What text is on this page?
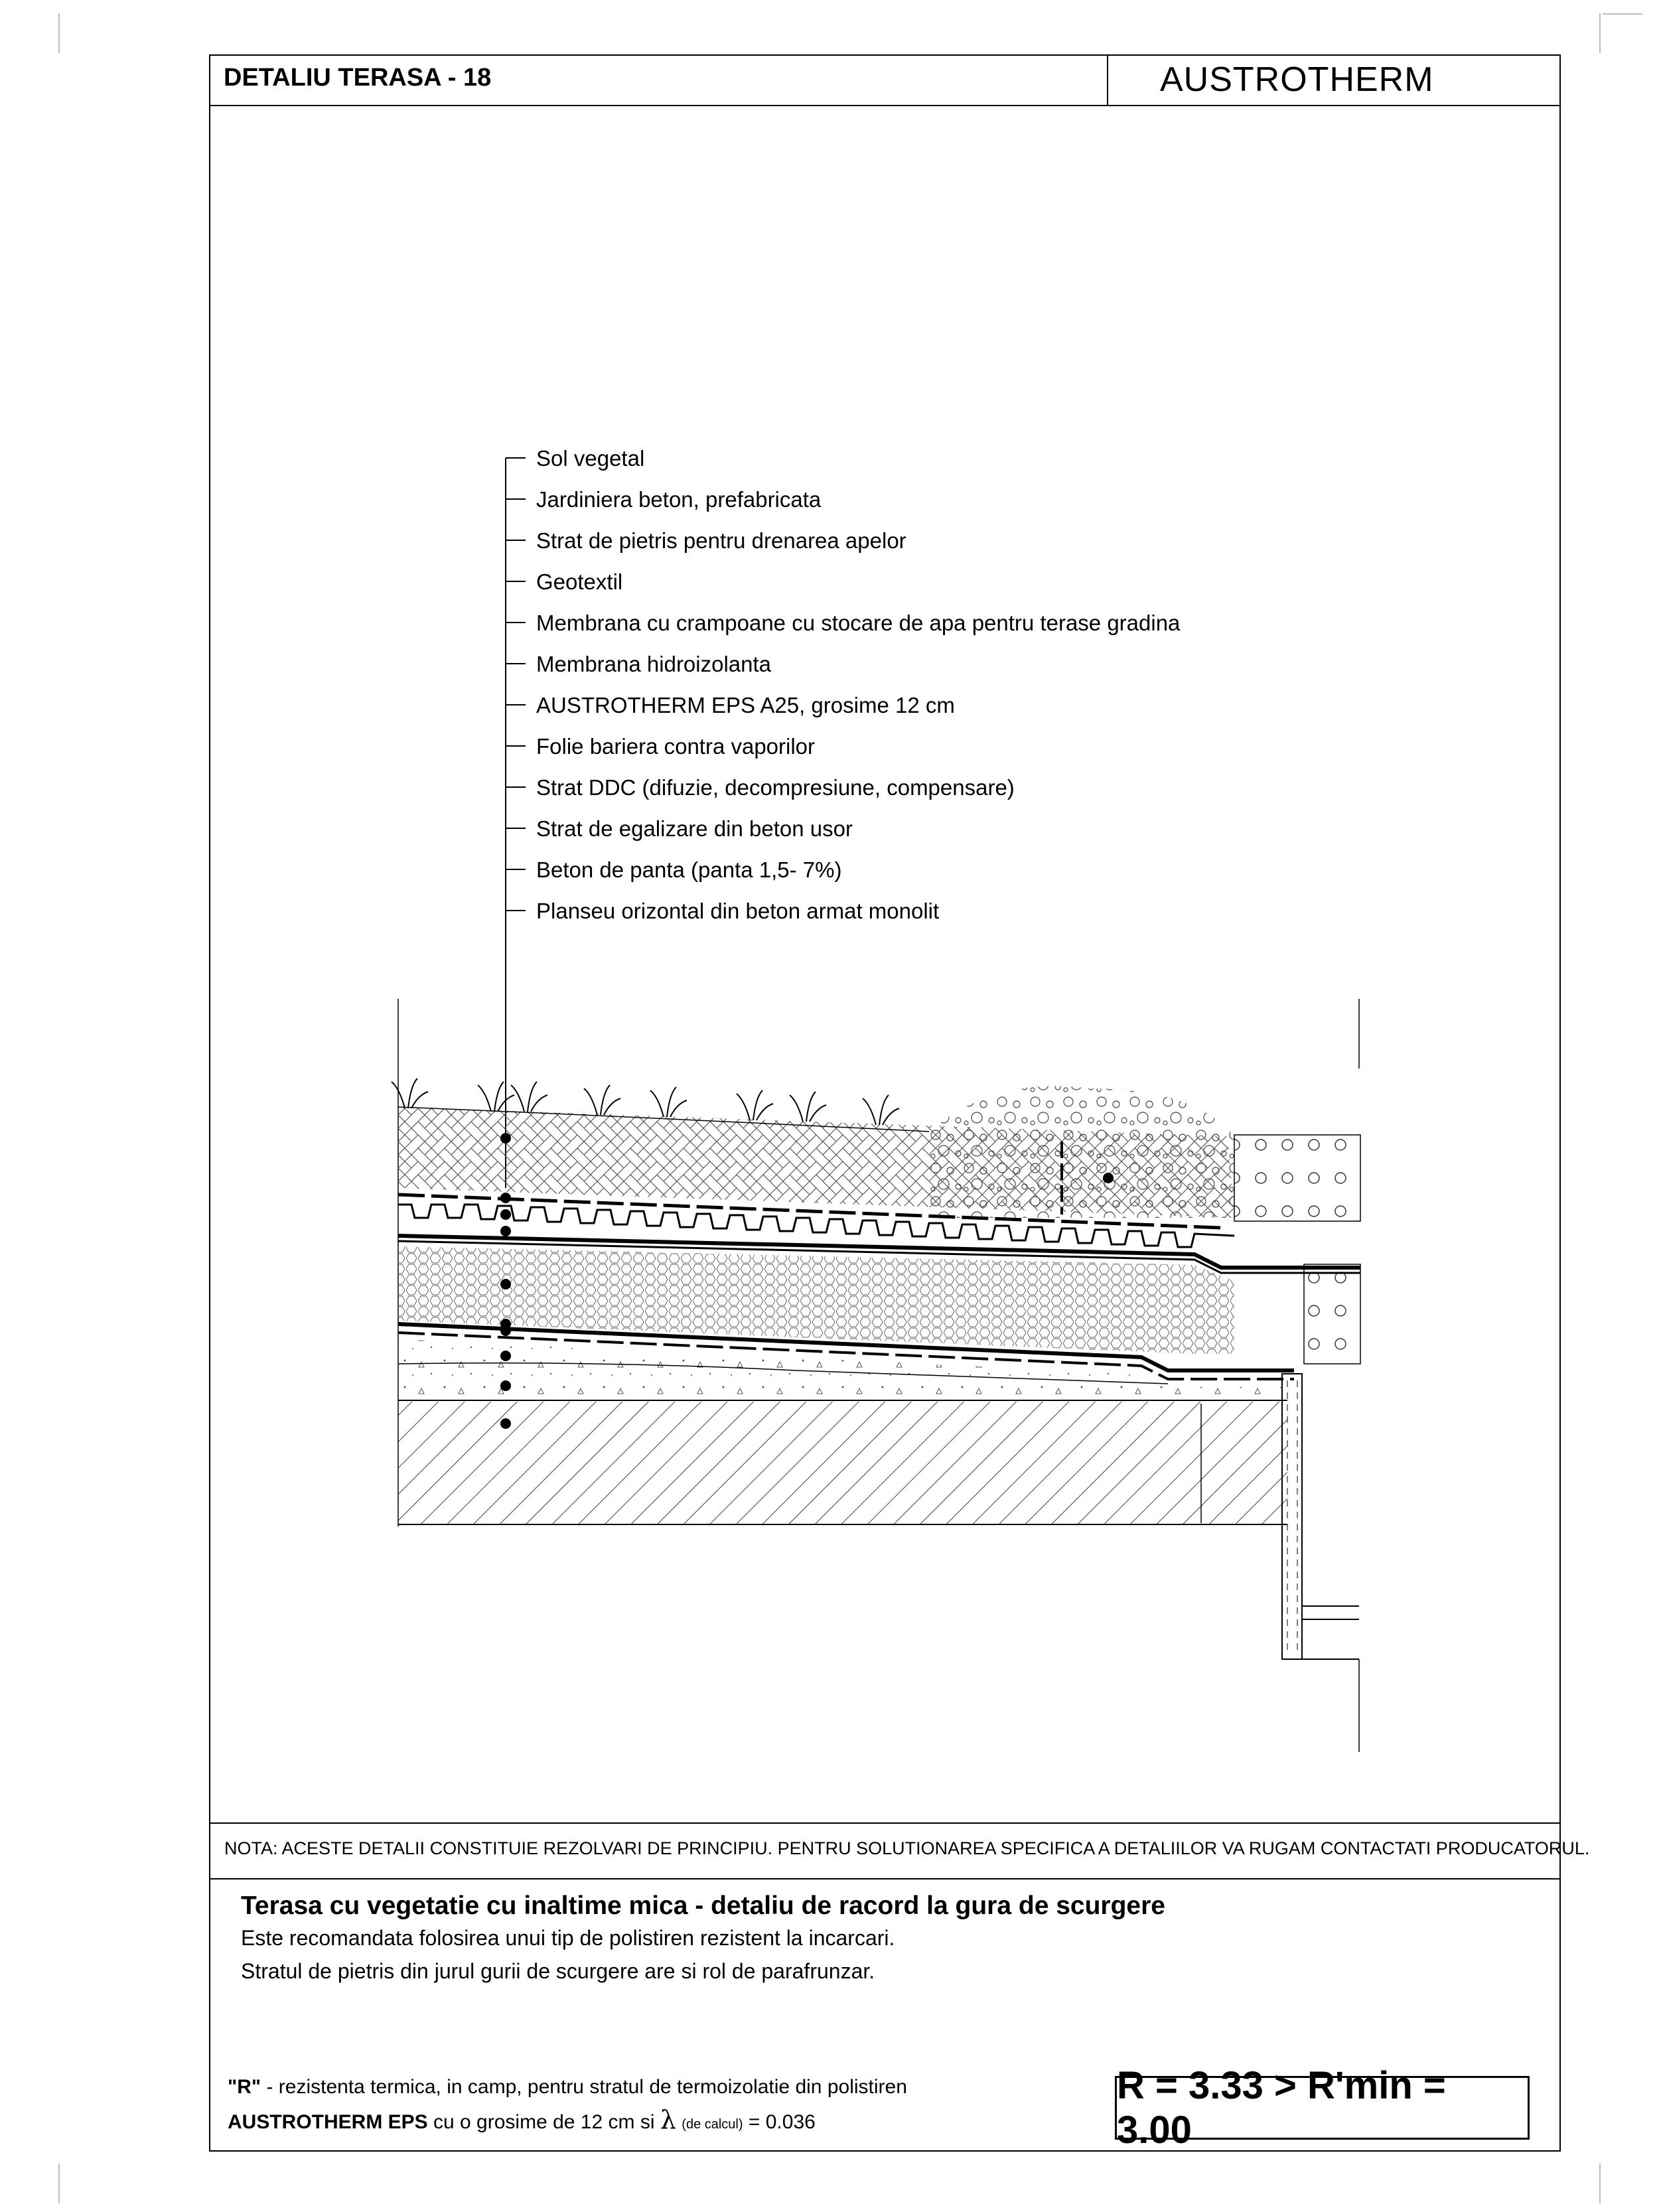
DETALIU TERASA - 18	AUSTROTHERM
Sol vegetal
Jardiniera beton, prefabricata
Strat de pietris pentru drenarea apelor
Geotextil
Membrana cu crampoane cu stocare de apa pentru terase gradina
Membrana hidroizolanta
AUSTROTHERM EPS A25, grosime 12 cm
Folie bariera contra vaporilor
Strat DDC (difuzie, decompresiune, compensare)
Strat de egalizare din beton usor
Beton de panta (panta 1,5- 7%)
Planseu orizontal din beton armat monolit
NOTA: ACESTE DETALII CONSTITUIE REZOLVARI DE PRINCIPIU. PENTRU SOLUTIONAREA SPECIFICA A DETALIILOR VA RUGAM CONTACTATI PRODUCATORUL.
Terasa cu vegetatie cu inaltime mica - detaliu de racord la gura de scurgere
Este recomandata folosirea unui tip de polistiren rezistent la incarcari.
Stratul de pietris din jurul gurii de scurgere are si rol de parafrunzar.
"R" - rezistenta termica, in camp, pentru stratul de termoizolatie din polistiren
AUSTROTHERM EPS cu o grosime de 12 cm si λ (de calcul) = 0.036
R = 3.33 > R'min = 3.00
